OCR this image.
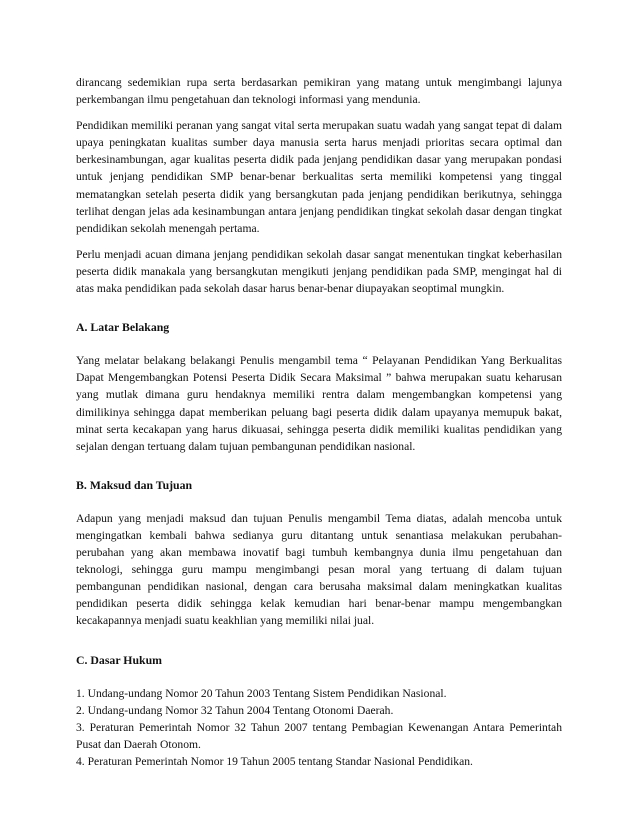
dirancang sedemikian rupa serta berdasarkan pemikiran yang matang untuk mengimbangi lajunya perkembangan ilmu pengetahuan dan teknologi informasi yang mendunia.

Pendidikan memiliki peranan yang sangat vital serta merupakan suatu wadah yang sangat tepat di dalam upaya peningkatan kualitas sumber daya manusia serta harus menjadi prioritas secara optimal dan berkesinambungan, agar kualitas peserta didik pada jenjang pendidikan dasar yang merupakan pondasi untuk jenjang pendidikan SMP benar-benar berkualitas serta memiliki kompetensi yang tinggal mematangkan setelah peserta didik yang bersangkutan pada jenjang pendidikan berikutnya, sehingga terlihat dengan jelas ada kesinambungan antara jenjang pendidikan tingkat sekolah dasar dengan tingkat pendidikan sekolah menengah pertama.

Perlu menjadi acuan dimana jenjang pendidikan sekolah dasar sangat menentukan tingkat keberhasilan peserta didik manakala yang bersangkutan mengikuti jenjang pendidikan pada SMP, mengingat hal di atas maka pendidikan pada sekolah dasar harus benar-benar diupayakan seoptimal mungkin.

A. Latar Belakang

Yang melatar belakang belakangi Penulis mengambil tema “ Pelayanan Pendidikan Yang Berkualitas Dapat Mengembangkan Potensi Peserta Didik Secara Maksimal ” bahwa merupakan suatu keharusan yang mutlak dimana guru hendaknya memiliki rentra dalam mengembangkan kompetensi yang dimilikinya sehingga dapat memberikan peluang bagi peserta didik dalam upayanya memupuk bakat, minat serta kecakapan yang harus dikuasai, sehingga peserta didik memiliki kualitas pendidikan yang sejalan dengan tertuang dalam tujuan pembangunan pendidikan nasional.

B. Maksud dan Tujuan

Adapun yang menjadi maksud dan tujuan Penulis mengambil Tema diatas, adalah mencoba untuk mengingatkan kembali bahwa sedianya guru ditantang untuk senantiasa melakukan perubahan-perubahan yang akan membawa inovatif bagi tumbuh kembangnya dunia ilmu pengetahuan dan teknologi, sehingga guru mampu mengimbangi pesan moral yang tertuang di dalam tujuan pembangunan pendidikan nasional, dengan cara berusaha maksimal dalam meningkatkan kualitas pendidikan peserta didik sehingga kelak kemudian hari benar-benar mampu mengembangkan kecakapannya menjadi suatu keakhlian yang memiliki nilai jual.

C. Dasar Hukum

1. Undang-undang Nomor 20 Tahun 2003 Tentang Sistem Pendidikan Nasional.
2. Undang-undang Nomor 32 Tahun 2004 Tentang Otonomi Daerah.
3. Peraturan Pemerintah Nomor 32 Tahun 2007 tentang Pembagian Kewenangan Antara Pemerintah Pusat dan Daerah Otonom.
4. Peraturan Pemerintah Nomor 19 Tahun 2005 tentang Standar Nasional Pendidikan.
